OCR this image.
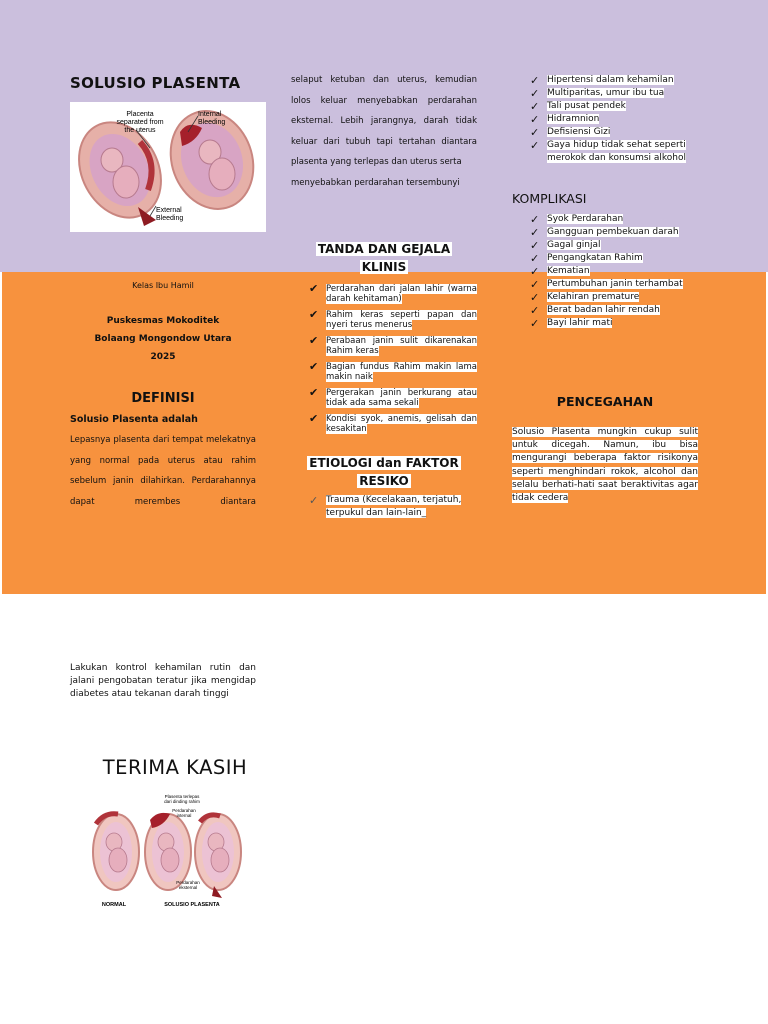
SOLUSIO PLASENTA
Placenta separated from the uterus
Internal Bleeding
External Bleeding
Kelas Ibu Hamil
Puskesmas Mokoditek
Bolaang Mongondow Utara
2025
DEFINISI
Solusio Plasenta adalah
Lepasnya plasenta dari tempat melekatnya yang normal pada uterus atau rahim sebelum janin dilahirkan. Perdarahannya dapat merembes diantara
selaput ketuban dan uterus, kemudian lolos keluar menyebabkan perdarahan eksternal. Lebih jarangnya, darah tidak keluar dari tubuh tapi tertahan diantara plasenta yang terlepas dan uterus serta
menyebabkan perdarahan tersembunyi
TANDA DAN GEJALA
KLINIS
✔ Perdarahan dari jalan lahir (warna darah kehitaman)
✔ Rahim keras seperti papan dan nyeri terus menerus
✔ Perabaan janin sulit dikarenakan Rahim keras
✔ Bagian fundus Rahim makin lama makin naik
✔ Pergerakan janin berkurang atau tidak ada sama sekali
✔ Kondisi syok, anemis, gelisah dan kesakitan
ETIOLOGI dan FAKTOR
RESIKO
✓ Trauma (Kecelakaan, terjatuh, terpukul dan lain-lain_
✓ Hipertensi dalam kehamilan
✓ Multiparitas, umur ibu tua
✓ Tali pusat pendek
✓ Hidramnion
✓ Defisiensi Gizi
✓ Gaya hidup tidak sehat seperti merokok dan konsumsi alkohol
KOMPLIKASI
✓ Syok Perdarahan
✓ Gangguan pembekuan darah
✓ Gagal ginjal
✓ Pengangkatan Rahim
✓ Kematian
✓ Pertumbuhan janin terhambat
✓ Kelahiran premature
✓ Berat badan lahir rendah
✓ Bayi lahir mati
PENCEGAHAN
Solusio Plasenta mungkin cukup sulit untuk dicegah. Namun, ibu bisa mengurangi beberapa faktor risikonya seperti menghindari rokok, alcohol dan selalu berhati-hati saat beraktivitas agar tidak cedera
Lakukan kontrol kehamilan rutin dan jalani pengobatan teratur jika mengidap diabetes atau tekanan darah tinggi
TERIMA KASIH
Plasenta terlepas dari dinding rahim
Perdarahan internal
Perdarahan eksternal
NORMAL	SOLUSIO PLASENTA
